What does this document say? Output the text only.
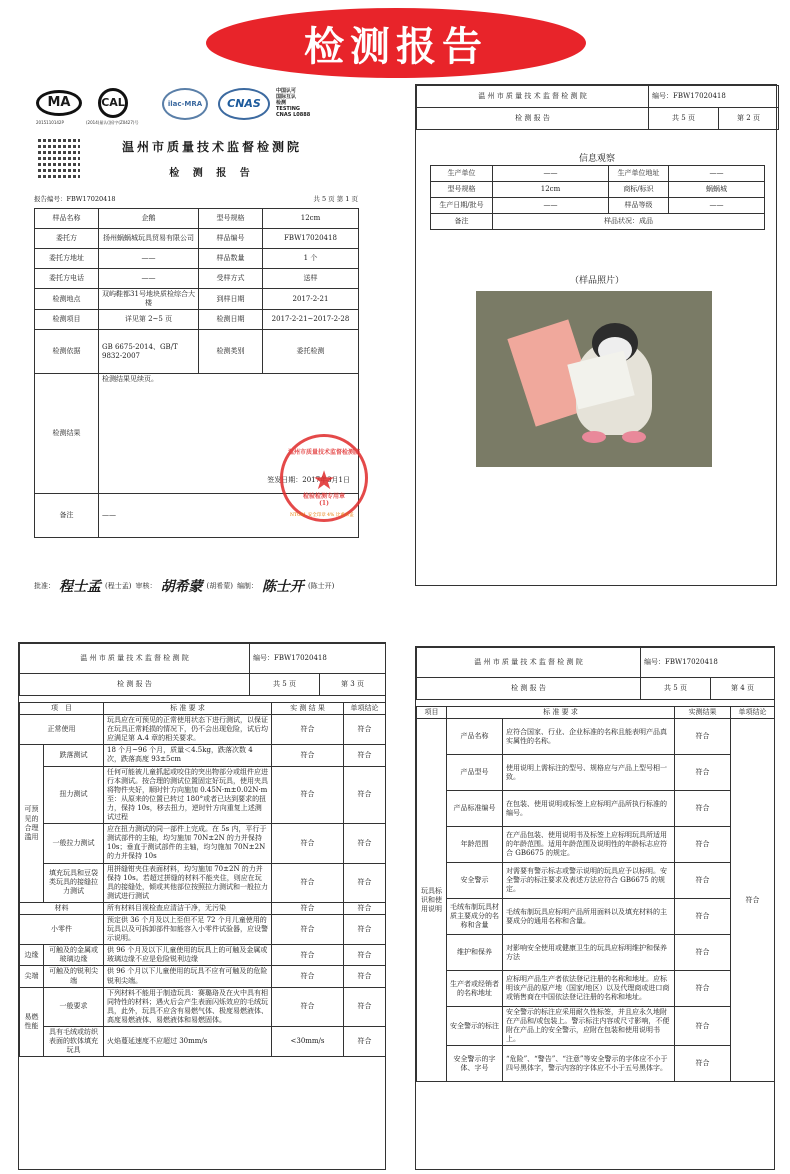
检测报告
MA
2015110142P
CAL
(2014)量认(浙)字(Z0427)号
ilac-MRA	CNAS
中国认可
国际互认
检测
TESTING
CNAS L0888
温州市质量技术监督检测院
检 测 报 告
报告编号：FBW17020418	共 5 页 第 1 页
样品名称	企鹅	型号规格	12cm
委托方	扬州蜗蜗城玩具贸易有限公司	样品编号	FBW17020418
委托方地址	——	样品数量	1 个
委托方电话	——	受样方式	送样
检测地点	双屿鞋都31号地块质检综合大楼	到样日期	2017-2-21
检测项目	详见第 2~5 页	检测日期	2017-2-21~2017-2-28
检测依据	GB 6675-2014、GB/T 9832-2007	检测类别	委托检测
检测结果	检测结果见续页。
签发日期：2017年3月1日		

备注	——		
温州市质量技术监督检测院
★
检验检测专用章
(1)
NTG01 安全印章 4% 比重未盖
批准： 程士孟 (程士孟) 审核： 胡希蒙 (胡希蒙) 编制： 陈士开 (陈士开)
温 州 市 质 量 技 术 监 督 检 测 院	编号：FBW17020418	
检 测 报 告	共 5 页	第 2 页
信息观察
生产单位	——	生产单位地址	——
型号规格	12cm	商标/标识	蜗蜗城
生产日期/批号	——	样品等级	——
备注	样品状况：成品		
（样品照片）
温 州 市 质 量 技 术 监 督 检 测 院	编号：FBW17020418	
检 测 报 告	共 5 页	第 3 页
项　目		标 准 要 求	实 测 结 果	单项结论
正常使用		玩具应在可预见的正常使用状态下进行测试，以保证在玩具正常耗损的情况下，仍不会出现危险，试后均应满足第 A.4 章的相关要求。	符合	符合
可预见的合理滥用	跌落测试	18 个月~96 个月，质量＜4.5kg，跌落次数 4 次，跌落高度 93±5cm	符合	符合
	扭力测试	任何可能被儿童抓起或咬住的突出物部分或组件应进行本测试。按合理的测试位置固定好玩具，使用夹具将物件夹好，顺时针方向施加 0.45N·m±0.02N·m 至：从原来的位置已转过 180°或者已达到要求的扭力，保持 10s，移去扭力，逆时针方向重复上述测试过程	符合	符合
	一般拉力测试	应在扭力测试的同一部件上完成。在 5s 内，平行于测试部件的主轴，均匀施加 70N±2N 的力并保持 10s；垂直于测试部件的主轴，均匀施加 70N±2N 的力并保持 10s	符合	符合
	填充玩具和豆袋类玩具的接缝拉力测试	用拼缝钳夹住表面材料，均匀施加 70±2N 的力并保持 10s。若超过拼缝的材料不能夹住，则应在玩具的接缝处，倾或其他部位按照拉力测试和一般拉力测试进行测试	符合	符合
材料		所有材料目视检查应清洁干净，无污染	符合	符合
小零件		预定供 36 个月及以上至但不足 72 个月儿童使用的玩具以及可拆卸部件如能容入小零件试验器，应设警示说明。	符合	符合
边缘	可触及的金属或玻璃边缘	供 96 个月及以下儿童使用的玩具上的可触及金属或玻璃边缘不应是危险锐利边缘	符合	符合
尖端	可触及的锐利尖端	供 96 个月以下儿童使用的玩具不应有可触及的危险锐利尖端。	符合	符合
易燃性能	一般要求	下列材料不能用于制造玩具：赛璐珞及在火中具有相同特性的材料；遇火后会产生表面闪烁效应的毛绒玩具，此外，玩具不应含有易燃气体、极度易燃液体、高度易燃液体、易燃液体和易燃固体。	符合	符合
	具有毛绒或纺织表面的软体填充玩具	火焰蔓延速度不应超过 30mm/s	<30mm/s	符合
温 州 市 质 量 技 术 监 督 检 测 院	编号：FBW17020418	
检 测 报 告	共 5 页	第 4 页
项目	标 准 要 求		实测结果	单项结论
玩具标识和使用说明	产品名称	应符合国家、行业、企业标准的名称且能表明产品真实属性的名称。	符合	符合
	产品型号	使用说明上需标注的型号、规格应与产品上型号相一致。	符合	
	产品标准编号	在包装、使用说明或标签上应标明产品所执行标准的编号。	符合	
	年龄范围	在产品包装、使用说明书及标签上应标明玩具所适用的年龄范围。适用年龄范围及说明性的年龄标志应符合 GB6675 的规定。	符合	
	安全警示	对需要有警示标志或警示说明的玩具应予以标明。安全警示的标注要求及表述方法应符合 GB6675 的规定。	符合	
	毛绒布制玩具材质主要成分的名称和含量	毛绒布制玩具应标明产品所用面料以及填充材料的主要成分的通用名称和含量。	符合	
	维护和保养	对影响安全使用或健康卫生的玩具应标明维护和保养方法	符合	
	生产者或经销者的名称地址	应标明产品生产者依法登记注册的名称和地址。应标明该产品的原产地（国家/地区）以及代理商或进口商或销售商在中国依法登记注册的名称和地址。	符合	
	安全警示的标注	安全警示的标注应采用耐久性标签，并且应永久地附在产品和/或包装上。警示标注内容或尺寸影响，不便附在产品上的安全警示，应附在包装和使用说明书上。	符合	
	安全警示的字体、字号	“危险”、“警告”、“注意”等安全警示的字体应不小于四号黑体字，警示内容的字体应不小于五号黑体字。	符合	
